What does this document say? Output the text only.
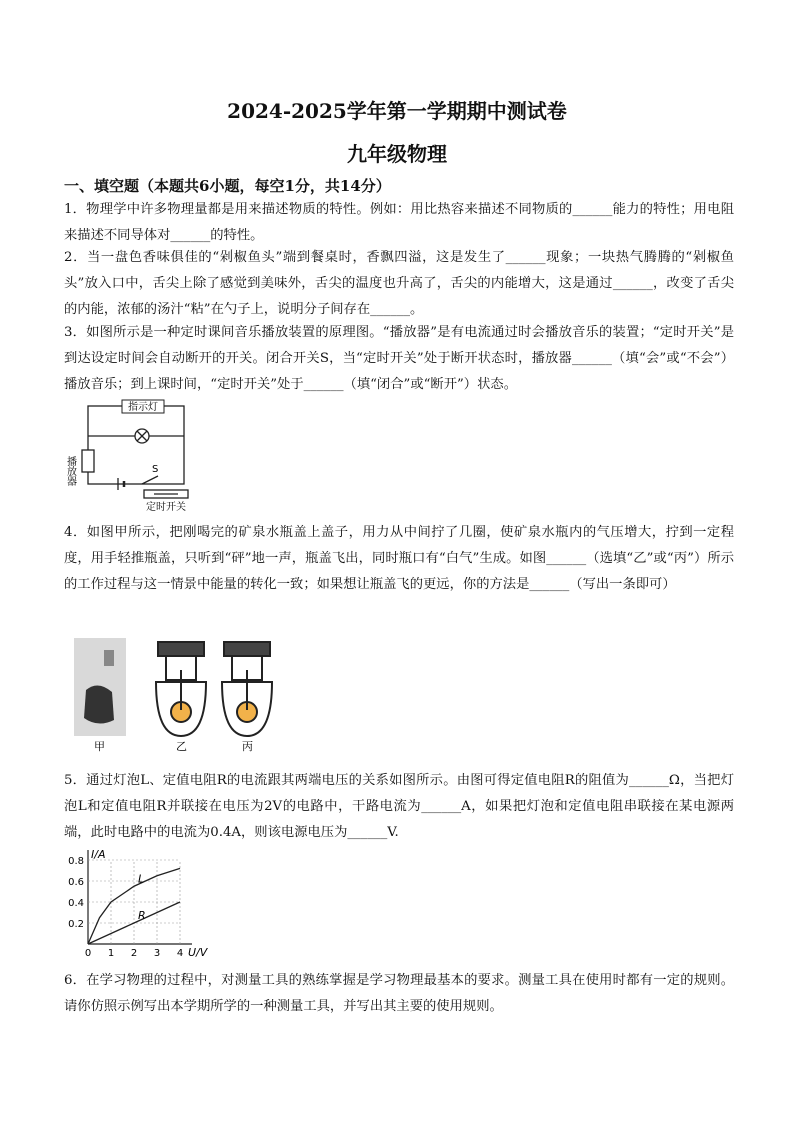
2024-2025学年第一学期期中测试卷
九年级物理
一、填空题（本题共6小题，每空1分，共14分）
1．物理学中许多物理量都是用来描述物质的特性。例如：用比热容来描述不同物质的______能力的特性；用电阻来描述不同导体对______的特性。
2．当一盘色香味俱佳的“剁椒鱼头”端到餐桌时，香飘四溢，这是发生了______现象；一块热气腾腾的“剁椒鱼头”放入口中，舌尖上除了感觉到美味外，舌尖的温度也升高了，舌尖的内能增大，这是通过______，改变了舌尖的内能，浓郁的汤汁“粘”在勺子上，说明分子间存在______。
3．如图所示是一种定时课间音乐播放装置的原理图。“播放器”是有电流通过时会播放音乐的装置；“定时开关”是到达设定时间会自动断开的开关。闭合开关S，当“定时开关”处于断开状态时，播放器______（填“会”或“不会”）播放音乐；到上课时间，“定时开关”处于______（填“闭合”或“断开”）状态。
指示灯
播放器	S
定时开关
4．如图甲所示，把刚喝完的矿泉水瓶盖上盖子，用力从中间拧了几圈，使矿泉水瓶内的气压增大，拧到一定程度，用手轻推瓶盖，只听到“砰”地一声，瓶盖飞出，同时瓶口有“白气”生成。如图______（选填“乙”或“丙”）所示的工作过程与这一情景中能量的转化一致；如果想让瓶盖飞的更远，你的方法是______（写出一条即可）
甲	乙	丙
5．通过灯泡L、定值电阻R的电流跟其两端电压的关系如图所示。由图可得定值电阻R的阻值为______Ω，当把灯泡L和定值电阻R并联接在电压为2V的电路中，干路电流为______A，如果把灯泡和定值电阻串联接在某电源两端，此时电路中的电流为0.4A，则该电源电压为______V.
I/A
U/V
0.2
0.4
0.6
0.8
0 1 2 3 4
L
R
6．在学习物理的过程中，对测量工具的熟练掌握是学习物理最基本的要求。测量工具在使用时都有一定的规则。请你仿照示例写出本学期所学的一种测量工具，并写出其主要的使用规则。
